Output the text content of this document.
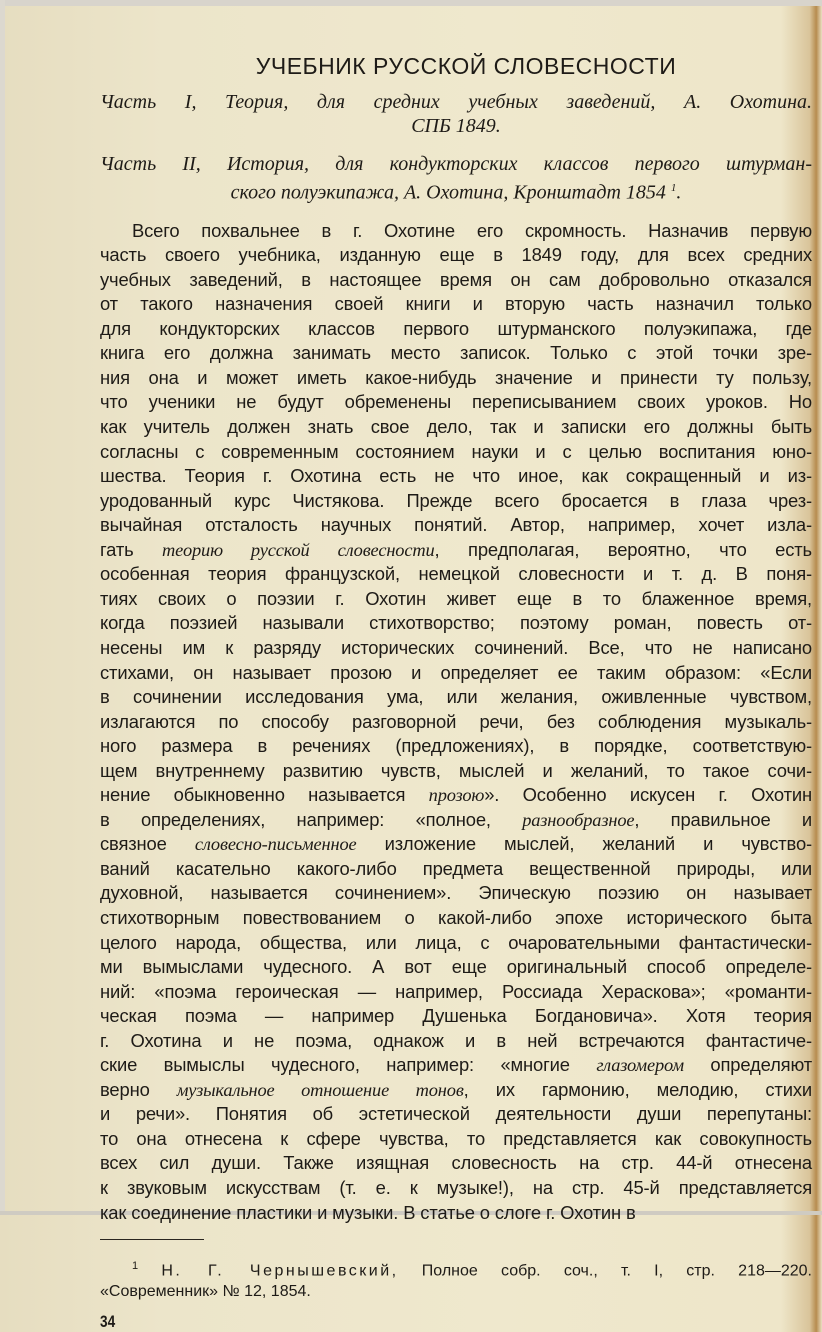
УЧЕБНИК РУССКОЙ СЛОВЕСНОСТИ
Часть I, Теория, для средних учебных заведений, А. Охотина.
СПБ 1849.
Часть II, История, для кондукторских классов первого штурман-
ского полуэкипажа, А. Охотина, Кронштадт 1854 $^1$.
Всего похвальнее в г. Охотине его скромность. Назначив первую
часть своего учебника, изданную еще в 1849 году, для всех средних
учебных заведений, в настоящее время он сам добровольно отказался
от такого назначения своей книги и вторую часть назначил только
для кондукторских классов первого штурманского полуэкипажа, где
книга его должна занимать место записок. Только с этой точки зре-
ния она и может иметь какое-нибудь значение и принести ту пользу,
что ученики не будут обременены переписыванием своих уроков. Но
как учитель должен знать свое дело, так и записки его должны быть
согласны с современным состоянием науки и с целью воспитания юно-
шества. Теория г. Охотина есть не что иное, как сокращенный и из-
уродованный курс Чистякова. Прежде всего бросается в глаза чрез-
вычайная отсталость научных понятий. Автор, например, хочет изла-
гать теорию русской словесности, предполагая, вероятно, что есть
особенная теория французской, немецкой словесности и т. д. В поня-
тиях своих о поэзии г. Охотин живет еще в то блаженное время,
когда поэзией называли стихотворство; поэтому роман, повесть от-
несены им к разряду исторических сочинений. Все, что не написано
стихами, он называет прозою и определяет ее таким образом: «Если
в сочинении исследования ума, или желания, оживленные чувством,
излагаются по способу разговорной речи, без соблюдения музыкаль-
ного размера в речениях (предложениях), в порядке, соответствую-
щем внутреннему развитию чувств, мыслей и желаний, то такое сочи-
нение обыкновенно называется прозою». Особенно искусен г. Охотин
в определениях, например: «полное, разнообразное, правильное и
связное словесно-письменное изложение мыслей, желаний и чувство-
ваний касательно какого-либо предмета вещественной природы, или
духовной, называется сочинением». Эпическую поэзию он называет
стихотворным повествованием о какой-либо эпохе исторического быта
целого народа, общества, или лица, с очаровательными фантастически-
ми вымыслами чудесного. А вот еще оригинальный способ определе-
ний: «поэма героическая — например, Россиада Хераскова»; «романти-
ческая поэма — например Душенька Богдановича». Хотя теория
г. Охотина и не поэма, однакож и в ней встречаются фантастиче-
ские вымыслы чудесного, например: «многие глазомером определяют
верно музыкальное отношение тонов, их гармонию, мелодию, стихи
и речи». Понятия об эстетической деятельности души перепутаны:
то она отнесена к сфере чувства, то представляется как совокупность
всех сил души. Также изящная словесность на стр. 44-й отнесена
к звуковым искусствам (т. е. к музыке!), на стр. 45-й представляется
как соединение пластики и музыки. В статье о слоге г. Охотин в
$^1$ Н. Г. Чернышевский, Полное собр. соч., т. I, стр. 218—220.
«Современник» № 12, 1854.
34
